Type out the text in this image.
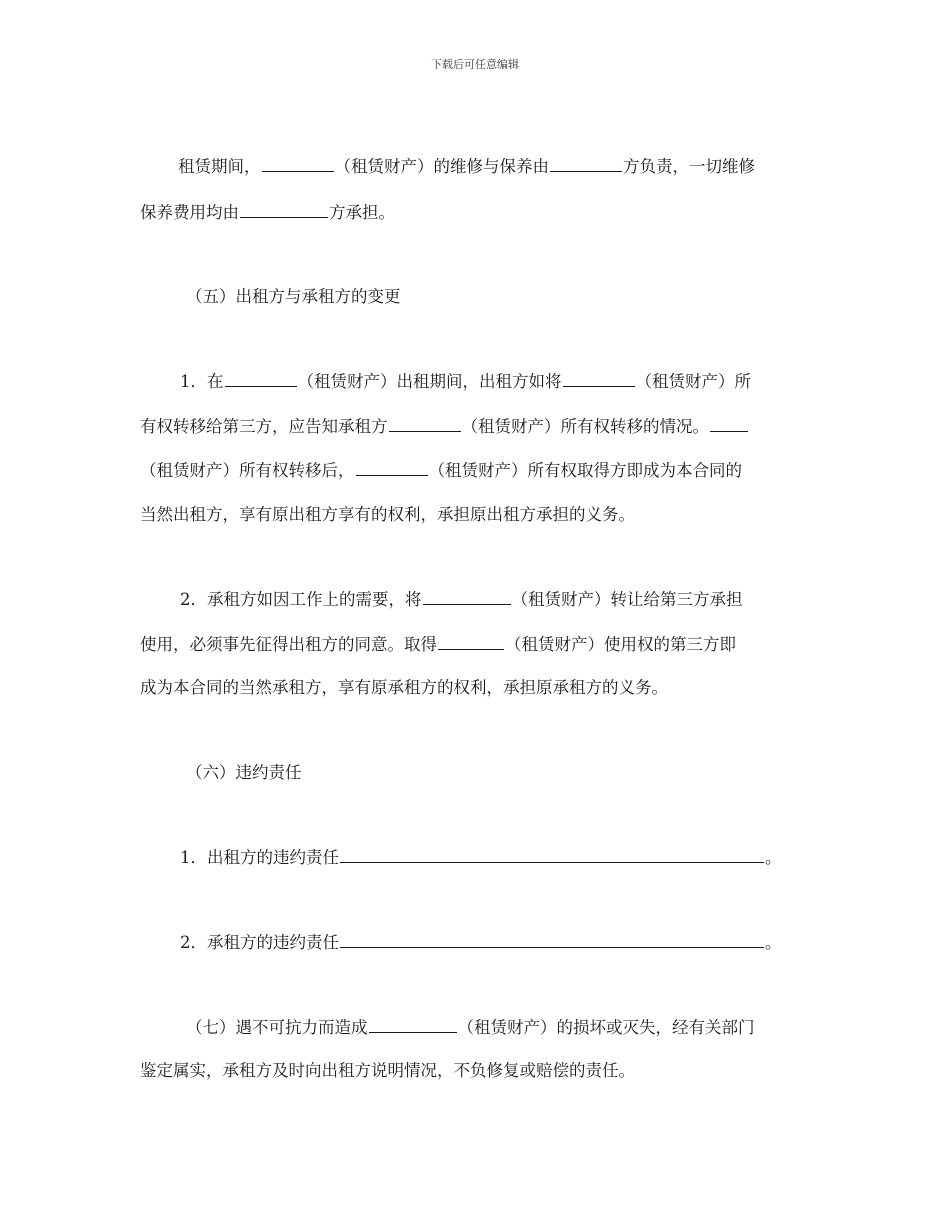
下载后可任意编辑
租赁期间，	（租赁财产）的维修与保养由	方负责，一切维修
保养费用均由	方承担。
（五）出租方与承租方的变更
1．在	（租赁财产）出租期间，出租方如将	（租赁财产）所
有权转移给第三方，应告知承租方	（租赁财产）所有权转移的情况。
（租赁财产）所有权转移后，	（租赁财产）所有权取得方即成为本合同的
当然出租方，享有原出租方享有的权利，承担原出租方承担的义务。
2．承租方如因工作上的需要，将	（租赁财产）转让给第三方承担
使用，必须事先征得出租方的同意。取得	（租赁财产）使用权的第三方即
成为本合同的当然承租方，享有原承租方的权利，承担原承租方的义务。
（六）违约责任
1．出租方的违约责任	。
2．承租方的违约责任	。
（七）遇不可抗力而造成	（租赁财产）的损坏或灭失，经有关部门
鉴定属实，承租方及时向出租方说明情况，不负修复或赔偿的责任。
